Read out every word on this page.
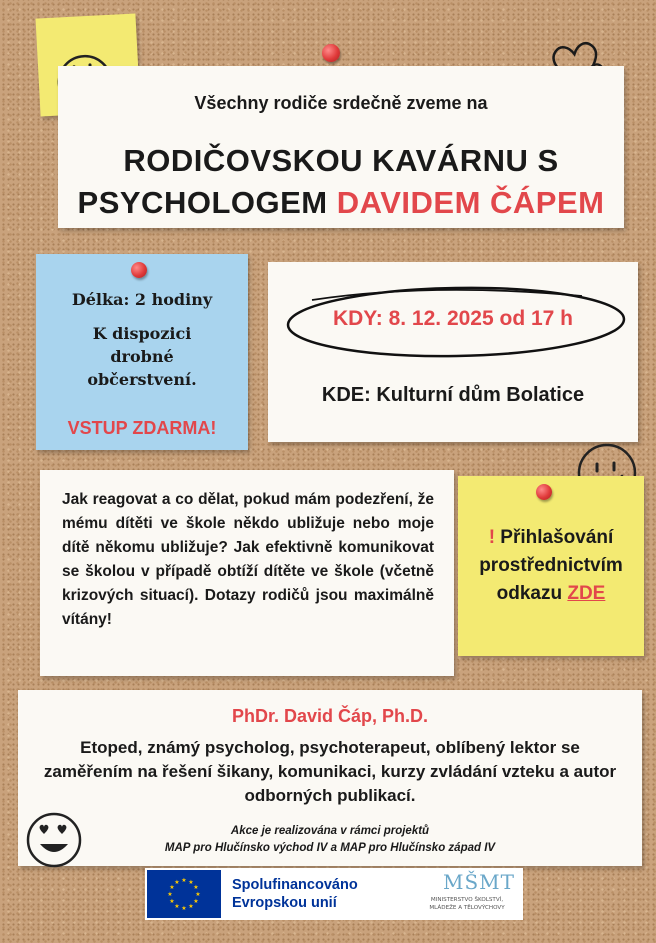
Všechny rodiče srdečně zveme na
RODIČOVSKOU KAVÁRNU S
PSYCHOLOGEM DAVIDEM ČÁPEM
Délka: 2 hodiny
K dispozici drobné občerstvení.
VSTUP ZDARMA!
KDY: 8. 12. 2025 od 17 h
KDE: Kulturní dům Bolatice
Jak reagovat a co dělat, pokud mám podezření, že mému dítěti ve škole někdo ubližuje nebo moje dítě někomu ubližuje? Jak efektivně komunikovat se školou v případě obtíží dítěte ve škole (včetně krizových situací). Dotazy rodičů jsou maximálně vítány!
! Přihlašování prostřednictvím odkazu ZDE
PhDr. David Čáp, Ph.D.
Etoped, známý psycholog, psychoterapeut, oblíbený lektor se zaměřením na řešení šikany, komunikaci, kurzy zvládání vzteku a autor odborných publikací.
Akce je realizována v rámci projektů
MAP pro Hlučínsko východ IV a MAP pro Hlučínsko západ IV
★ ★
★
★
★
★
★
★
★
★
★
★	Spolufinancováno
Evropskou unií
MŠMT
MINISTERSTVO ŠKOLSTVÍ,
MLÁDEŽE A TĚLOVÝCHOVY
